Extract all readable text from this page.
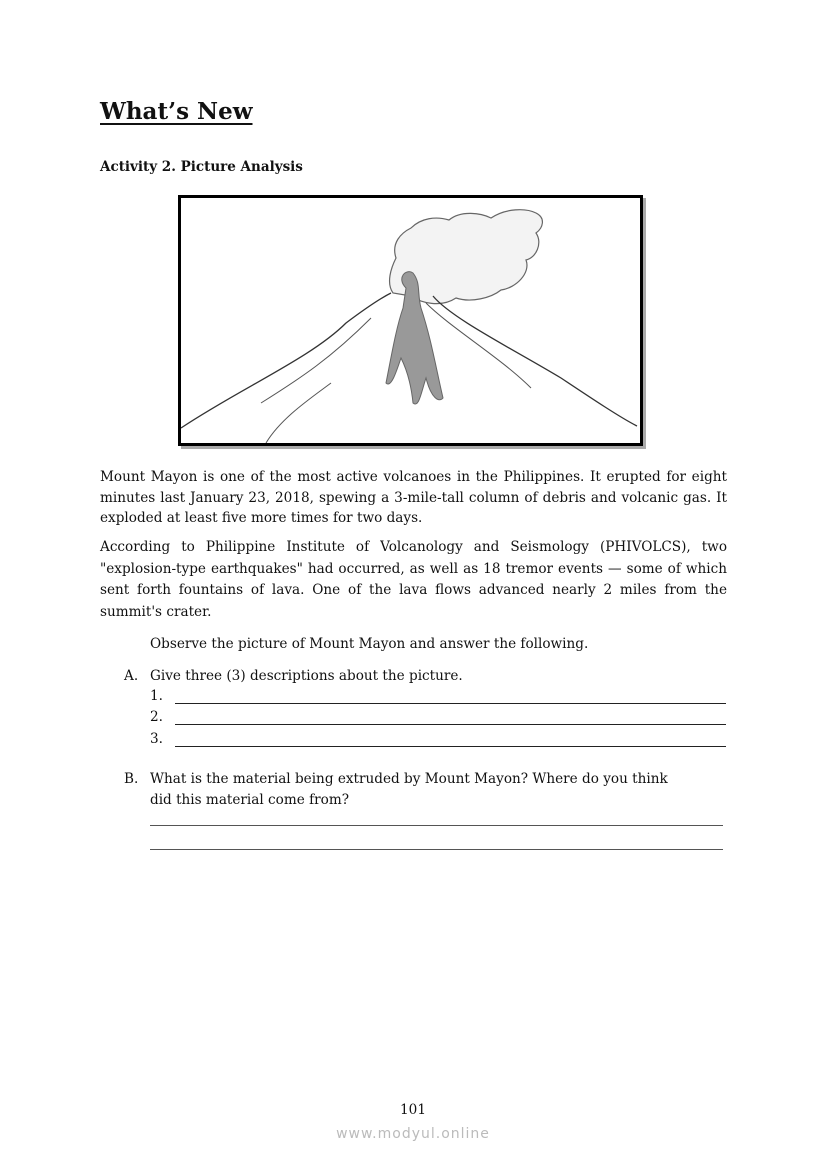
What’s New
Activity 2. Picture Analysis

Mount Mayon is one of the most active volcanoes in the Philippines. It erupted for eight minutes last January 23, 2018, spewing a 3-mile-tall column of debris and volcanic gas. It exploded at least five more times for two days.

According to Philippine Institute of Volcanology and Seismology (PHIVOLCS), two "explosion-type earthquakes" had occurred, as well as 18 tremor events — some of which sent forth fountains of lava. One of the lava flows advanced nearly 2 miles from the summit's crater.

Observe the picture of Mount Mayon and answer the following.
A. Give three (3) descriptions about the picture.
1.
2.
3.
B. What is the material being extruded by Mount Mayon? Where do you think
did this material come from?
101
www.modyul.online
